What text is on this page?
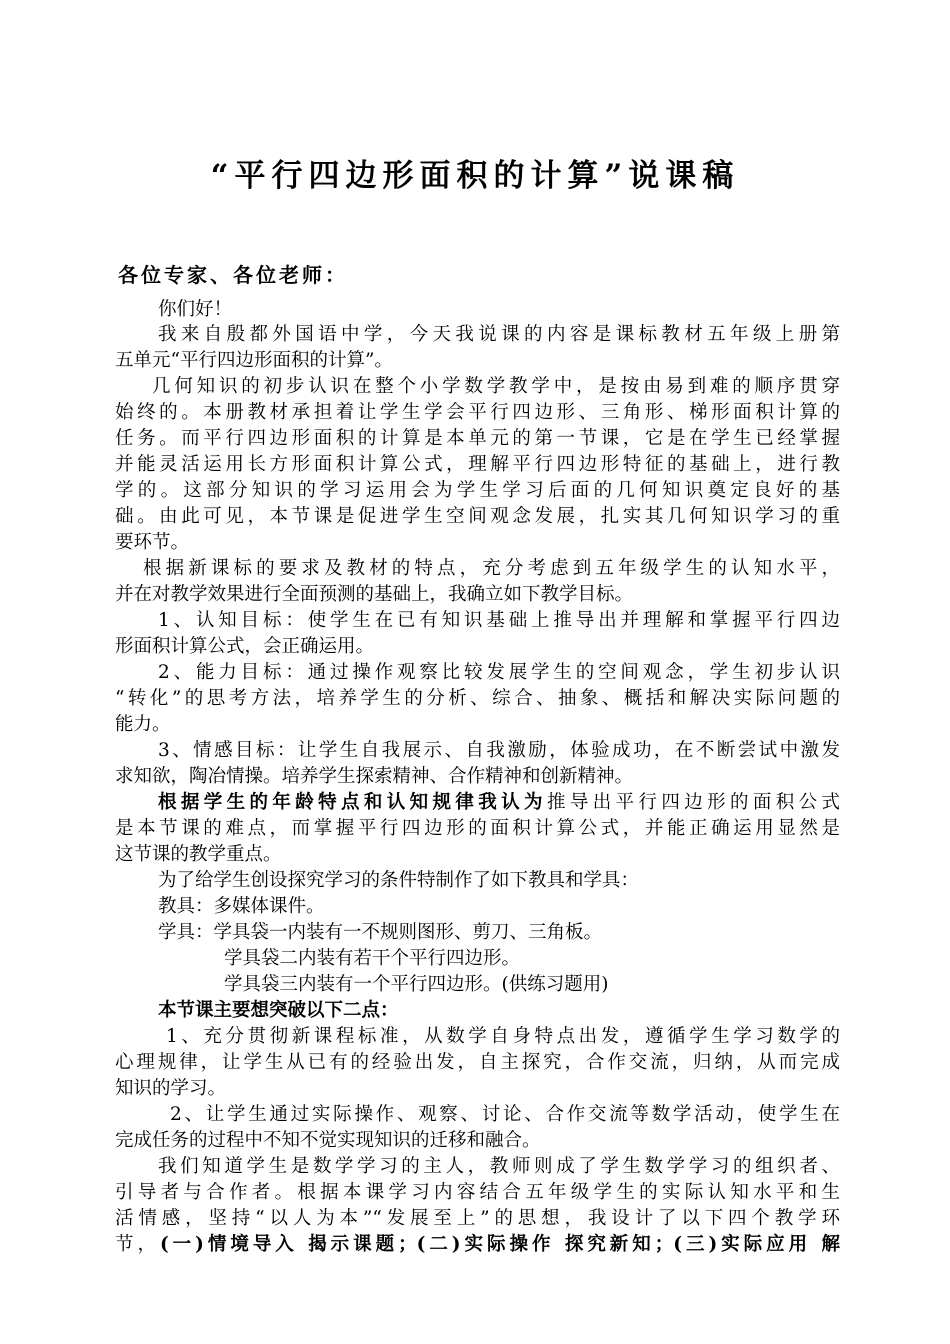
“平行四边形面积的计算”说课稿
各位专家、各位老师：
你们好！
我来自殷都外国语中学，今天我说课的内容是课标教材五年级上册第
五单元“平行四边形面积的计算”。
几何知识的初步认识在整个小学数学教学中，是按由易到难的顺序贯穿
始终的。本册教材承担着让学生学会平行四边形、三角形、梯形面积计算的
任务。而平行四边形面积的计算是本单元的第一节课，它是在学生已经掌握
并能灵活运用长方形面积计算公式，理解平行四边形特征的基础上，进行教
学的。这部分知识的学习运用会为学生学习后面的几何知识奠定良好的基
础。由此可见，本节课是促进学生空间观念发展，扎实其几何知识学习的重
要环节。
根据新课标的要求及教材的特点，充分考虑到五年级学生的认知水平，
并在对教学效果进行全面预测的基础上，我确立如下教学目标。
1、认知目标：使学生在已有知识基础上推导出并理解和掌握平行四边
形面积计算公式，会正确运用。
2、能力目标：通过操作观察比较发展学生的空间观念，学生初步认识
“转化”的思考方法，培养学生的分析、综合、抽象、概括和解决实际问题的
能力。
3、情感目标：让学生自我展示、自我激励，体验成功，在不断尝试中激发
求知欲，陶冶情操。培养学生探索精神、合作精神和创新精神。
根据学生的年龄特点和认知规律我认为推导出平行四边形的面积公式
是本节课的难点，而掌握平行四边形的面积计算公式，并能正确运用显然是
这节课的教学重点。
为了给学生创设探究学习的条件特制作了如下教具和学具：
教具：多媒体课件。
学具：学具袋一内装有一不规则图形、剪刀、三角板。
学具袋二内装有若干个平行四边形。
学具袋三内装有一个平行四边形。(供练习题用)
本节课主要想突破以下二点：
1、充分贯彻新课程标准，从数学自身特点出发，遵循学生学习数学的
心理规律，让学生从已有的经验出发，自主探究，合作交流，归纳，从而完成
知识的学习。
2、让学生通过实际操作、观察、讨论、合作交流等数学活动，使学生在
完成任务的过程中不知不觉实现知识的迁移和融合。
我们知道学生是数学学习的主人，教师则成了学生数学学习的组织者、
引导者与合作者。根据本课学习内容结合五年级学生的实际认知水平和生
活情感，坚持“以人为本”“发展至上”的思想，我设计了以下四个教学环
节，(一)情境导入 揭示课题；(二)实际操作 探究新知；(三)实际应用 解
